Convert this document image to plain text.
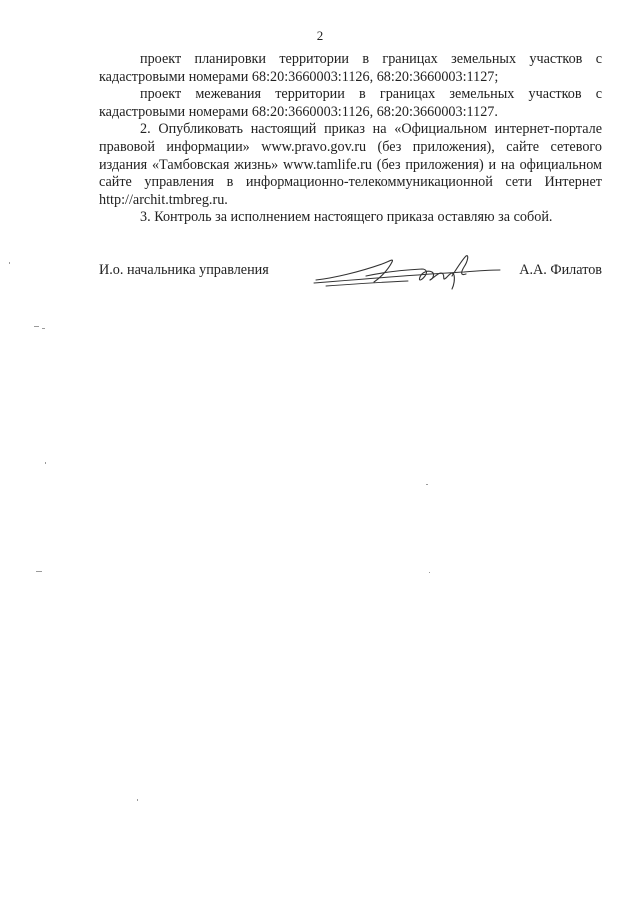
2

проект планировки территории в границах земельных участков с кадастровыми номерами 68:20:3660003:1126, 68:20:3660003:1127;

проект межевания территории в границах земельных участков с кадастровыми номерами 68:20:3660003:1126, 68:20:3660003:1127.

2. Опубликовать настоящий приказ на «Официальном интернет-портале правовой информации» www.pravo.gov.ru (без приложения), сайте сетевого издания «Тамбовская жизнь» www.tamlife.ru (без приложения) и на официальном сайте управления в информационно-телекоммуникационной сети Интернет http://archit.tmbreg.ru.

3. Контроль за исполнением настоящего приказа оставляю за собой.

И.о. начальника управления	А.А. Филатов
